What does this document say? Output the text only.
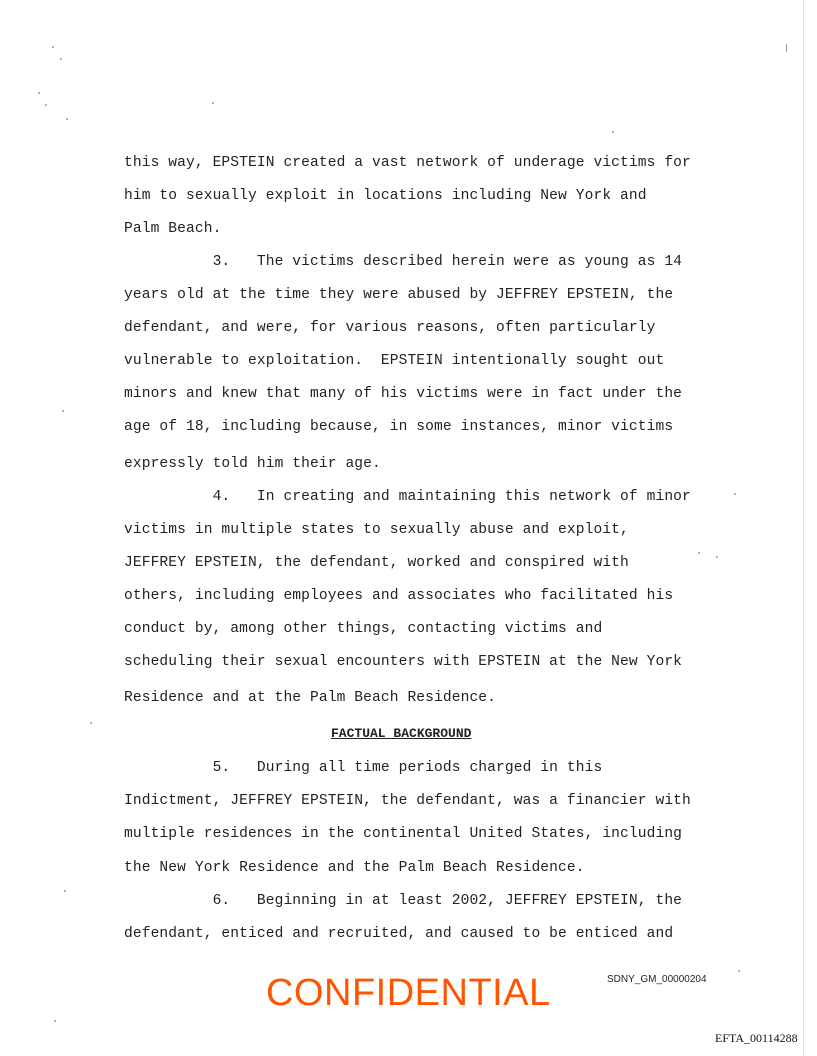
this way, EPSTEIN created a vast network of underage victims for
him to sexually exploit in locations including New York and
Palm Beach.
3.   The victims described herein were as young as 14
years old at the time they were abused by JEFFREY EPSTEIN, the
defendant, and were, for various reasons, often particularly
vulnerable to exploitation.  EPSTEIN intentionally sought out
minors and knew that many of his victims were in fact under the
age of 18, including because, in some instances, minor victims
expressly told him their age.
4.   In creating and maintaining this network of minor
victims in multiple states to sexually abuse and exploit,
JEFFREY EPSTEIN, the defendant, worked and conspired with
others, including employees and associates who facilitated his
conduct by, among other things, contacting victims and
scheduling their sexual encounters with EPSTEIN at the New York
Residence and at the Palm Beach Residence.
FACTUAL BACKGROUND
5.   During all time periods charged in this
Indictment, JEFFREY EPSTEIN, the defendant, was a financier with
multiple residences in the continental United States, including
the New York Residence and the Palm Beach Residence.
6.   Beginning in at least 2002, JEFFREY EPSTEIN, the
defendant, enticed and recruited, and caused to be enticed and
CONFIDENTIAL	SDNY_GM_00000204
EFTA_00114288
